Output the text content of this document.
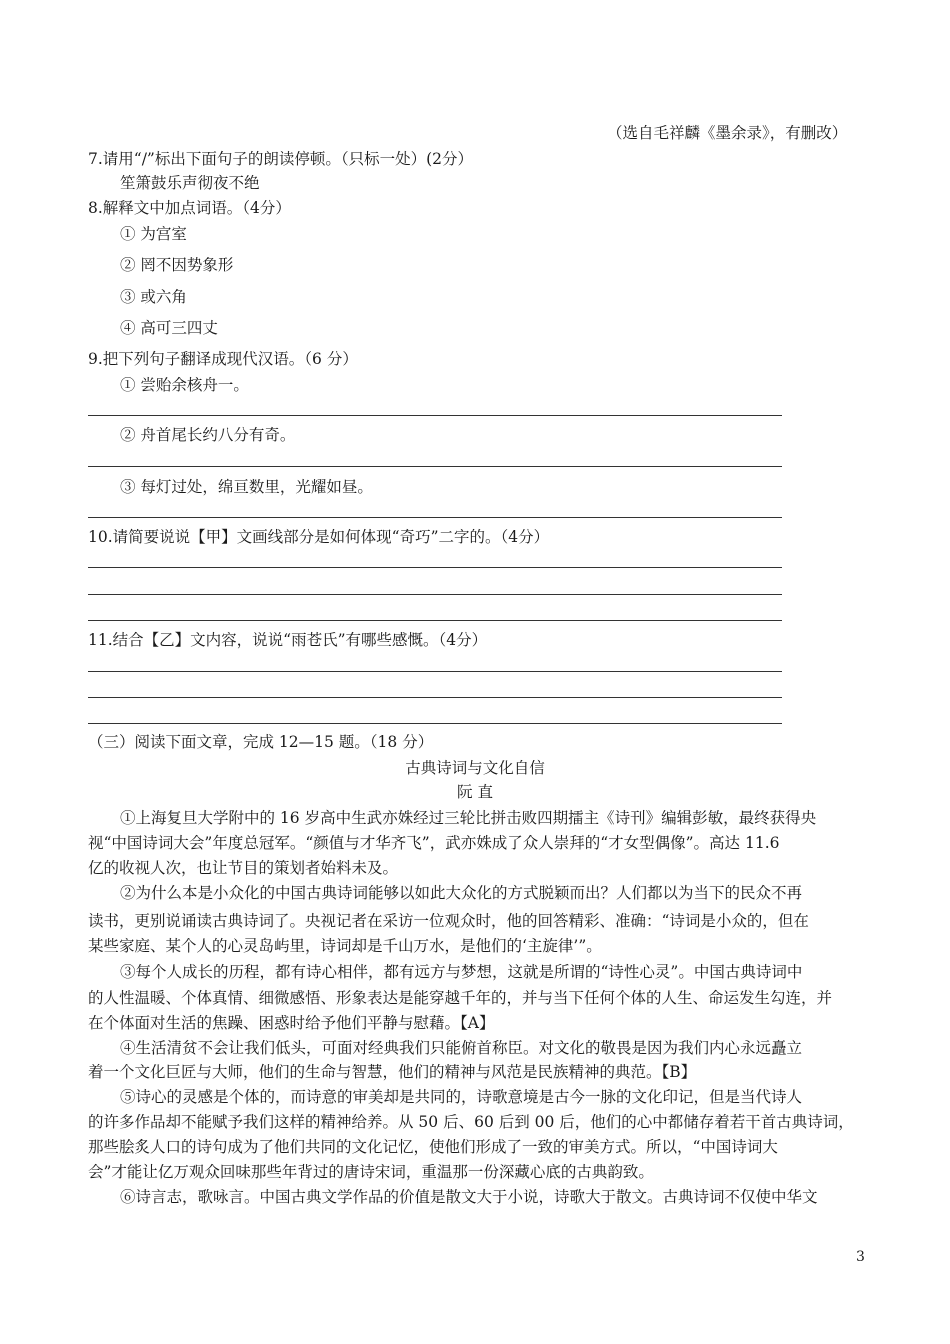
（选自毛祥麟《墨余录》，有删改）
7.请用“/”标出下面句子的朗读停顿。（只标一处）(2分）
笙箫鼓乐声彻夜不绝
8.解释文中加点词语。（4分）
① 为宫室
② 罔不因势象形
③ 或六角
④ 高可三四丈
9.把下列句子翻译成现代汉语。（6 分）
① 尝贻余核舟一。
② 舟首尾长约八分有奇。
③ 每灯过处，绵亘数里，光耀如昼。
10.请简要说说【甲】文画线部分是如何体现“奇巧”二字的。（4分）
11.结合【乙】文内容，说说“雨苍氏”有哪些感慨。（4分）
（三）阅读下面文章，完成 12—15 题。（18 分）
古典诗词与文化自信
阮 直
①上海复旦大学附中的 16 岁高中生武亦姝经过三轮比拼击败四期擂主《诗刊》编辑彭敏，最终获得央
视“中国诗词大会”年度总冠军。“颜值与才华齐飞”，武亦姝成了众人崇拜的“才女型偶像”。高达 11.6
亿的收视人次，也让节目的策划者始料未及。
②为什么本是小众化的中国古典诗词能够以如此大众化的方式脱颖而出？人们都以为当下的民众不再
读书，更别说诵读古典诗词了。央视记者在采访一位观众时，他的回答精彩、准确：“诗词是小众的，但在
某些家庭、某个人的心灵岛屿里，诗词却是千山万水，是他们的‘主旋律’”。
③每个人成长的历程，都有诗心相伴，都有远方与梦想，这就是所谓的“诗性心灵”。中国古典诗词中
的人性温暖、个体真情、细微感悟、形象表达是能穿越千年的，并与当下任何个体的人生、命运发生勾连，并
在个体面对生活的焦躁、困惑时给予他们平静与慰藉。【A】
④生活清贫不会让我们低头，可面对经典我们只能俯首称臣。对文化的敬畏是因为我们内心永远矗立
着一个文化巨匠与大师，他们的生命与智慧，他们的精神与风范是民族精神的典范。【B】
⑤诗心的灵感是个体的，而诗意的审美却是共同的，诗歌意境是古今一脉的文化印记，但是当代诗人
的许多作品却不能赋予我们这样的精神给养。从 50 后、60 后到 00 后，他们的心中都储存着若干首古典诗词，
那些脍炙人口的诗句成为了他们共同的文化记忆，使他们形成了一致的审美方式。所以，“中国诗词大
会”才能让亿万观众回味那些年背过的唐诗宋词，重温那一份深藏心底的古典韵致。
⑥诗言志，歌咏言。中国古典文学作品的价值是散文大于小说，诗歌大于散文。古典诗词不仅使中华文
3
